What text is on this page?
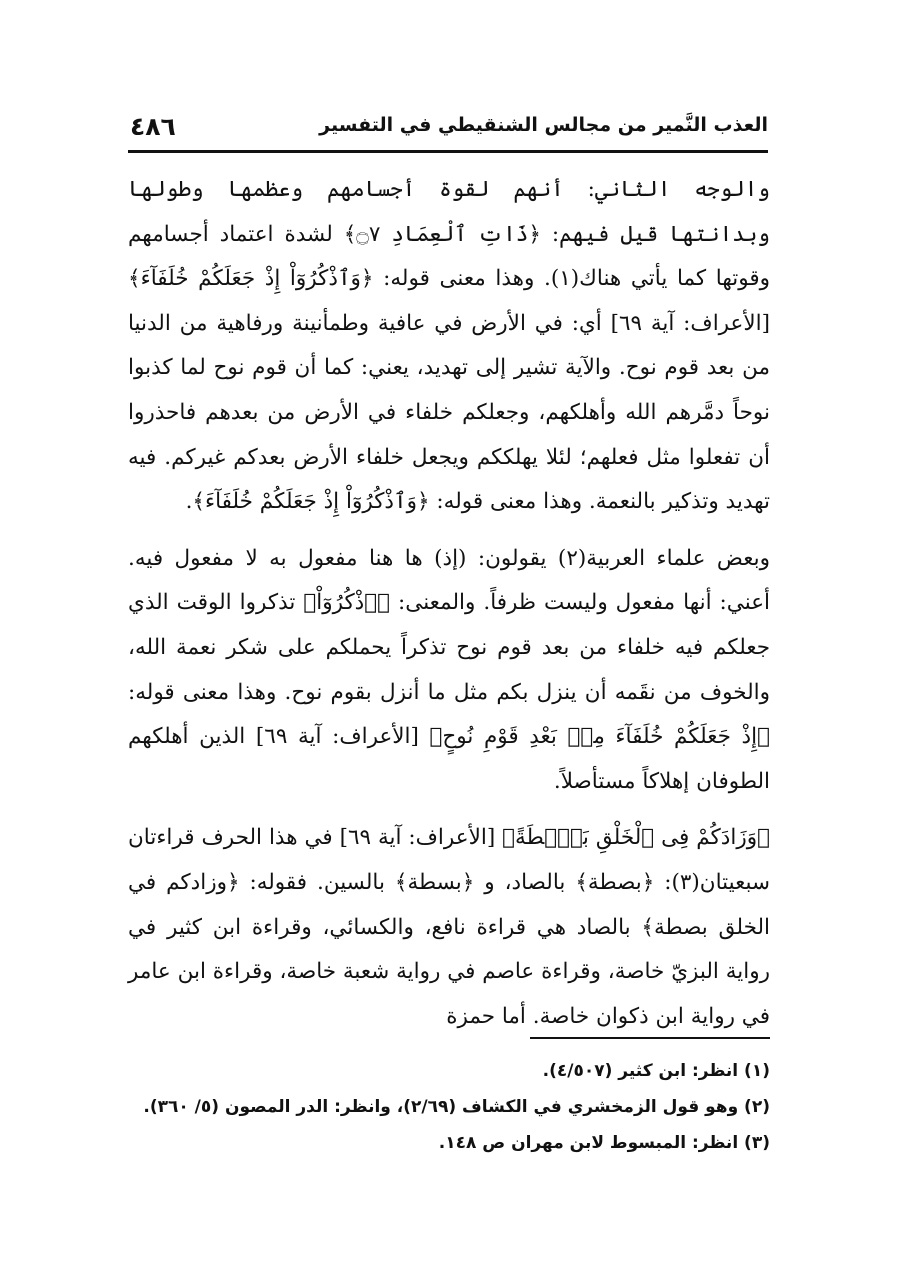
٤٨٦	العذب النَّمير من مجالس الشنقيطي في التفسير

والوجه الثاني: أنهم لقوة أجسامهم وعظمها وطولها وبدانتها قيل فيهم: ﴿ذَاتِ ٱلْعِمَادِ ۝٧﴾ لشدة اعتماد أجسامهم وقوتها كما يأتي هناك(١). وهذا معنى قوله: ﴿وَٱذْكُرُوٓاْ إِذْ جَعَلَكُمْ خُلَفَآءَ﴾ [الأعراف: آية ٦٩] أي: في الأرض في عافية وطمأنينة ورفاهية من الدنيا من بعد قوم نوح. والآية تشير إلى تهديد، يعني: كما أن قوم نوح لما كذبوا نوحاً دمَّرهم الله وأهلكهم، وجعلكم خلفاء في الأرض من بعدهم فاحذروا أن تفعلوا مثل فعلهم؛ لئلا يهلككم ويجعل خلفاء الأرض بعدكم غيركم. فيه تهديد وتذكير بالنعمة. وهذا معنى قوله: ﴿وَٱذْكُرُوٓاْ إِذْ جَعَلَكُمْ خُلَفَآءَ﴾.

وبعض علماء العربية(٢) يقولون: (إذ) ها هنا مفعول به لا مفعول فيه. أعني: أنها مفعول وليست ظرفاً. والمعنى: ﴿ٱذْكُرُوٓاْ﴾ تذكروا الوقت الذي جعلكم فيه خلفاء من بعد قوم نوح تذكراً يحملكم على شكر نعمة الله، والخوف من نقَمه أن ينزل بكم مثل ما أنزل بقوم نوح. وهذا معنى قوله: ﴿إِذْ جَعَلَكُمْ خُلَفَآءَ مِنۢ بَعْدِ قَوْمِ نُوحٍ﴾ [الأعراف: آية ٦٩] الذين أهلكهم الطوفان إهلاكاً مستأصلاً.

﴿وَزَادَكُمْ فِى ٱلْخَلْقِ بَصْۜطَةً﴾ [الأعراف: آية ٦٩] في هذا الحرف قراءتان سبعيتان(٣): ﴿بصطة﴾ بالصاد، و ﴿بسطة﴾ بالسين. فقوله: ﴿وزادكم في الخلق بصطة﴾ بالصاد هي قراءة نافع، والكسائي، وقراءة ابن كثير في رواية البزيّ خاصة، وقراءة عاصم في رواية شعبة خاصة، وقراءة ابن عامر في رواية ابن ذكوان خاصة. أما حمزة

(١) انظر: ابن كثير (٤/٥٠٧).

(٢) وهو قول الزمخشري في الكشاف (٢/٦٩)، وانظر: الدر المصون (٥/ ٣٦٠).

(٣) انظر: المبسوط لابن مهران ص ١٤٨.
